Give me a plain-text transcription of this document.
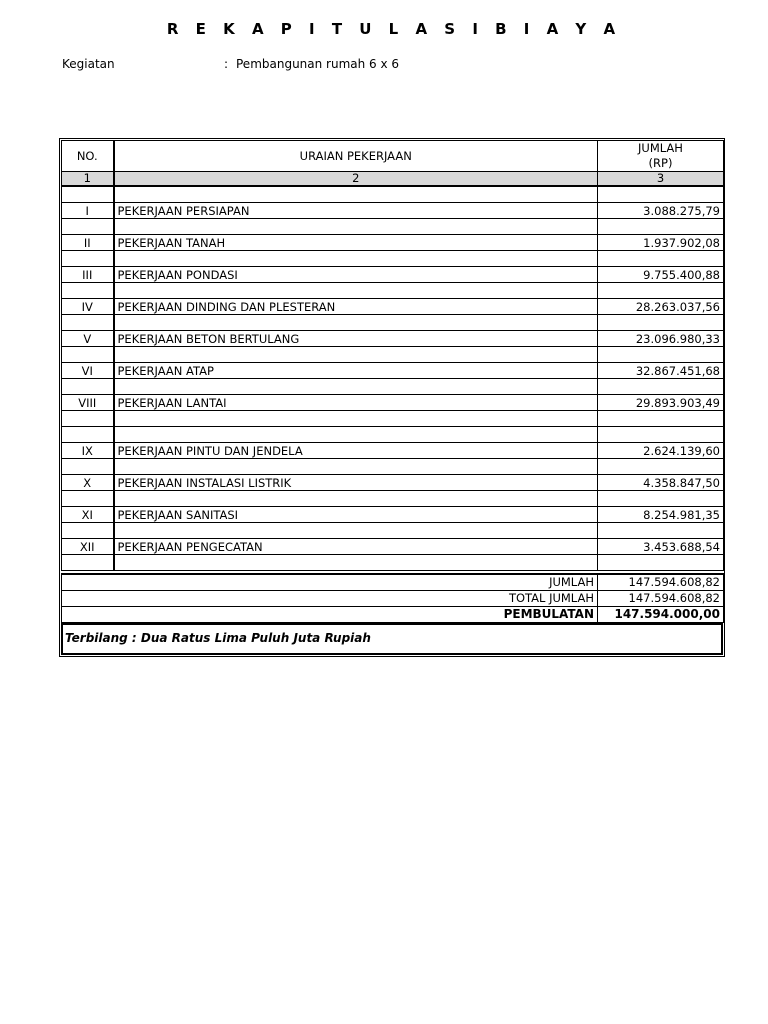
R E K A P I T U L A S I B I A Y A
Kegiatan	: Pembangunan rumah 6 x 6
NO.	URAIAN PEKERJAAN	JUMLAH
(RP)

1	2	3

I	PEKERJAAN PERSIAPAN	3.088.275,79

II	PEKERJAAN TANAH	1.937.902,08

III	PEKERJAAN PONDASI	9.755.400,88

IV	PEKERJAAN DINDING DAN PLESTERAN	28.263.037,56

V	PEKERJAAN BETON BERTULANG	23.096.980,33

VI	PEKERJAAN ATAP	32.867.451,68

VIII	PEKERJAAN LANTAI	29.893.903,49

IX	PEKERJAAN PINTU DAN JENDELA	2.624.139,60

X	PEKERJAAN INSTALASI LISTRIK	4.358.847,50

XI	PEKERJAAN SANITASI	8.254.981,35

XII	PEKERJAAN PENGECATAN	3.453.688,54

JUMLAH	147.594.608,82
TOTAL JUMLAH	147.594.608,82
PEMBULATAN	147.594.000,00
Terbilang : Dua Ratus Lima Puluh Juta Rupiah
